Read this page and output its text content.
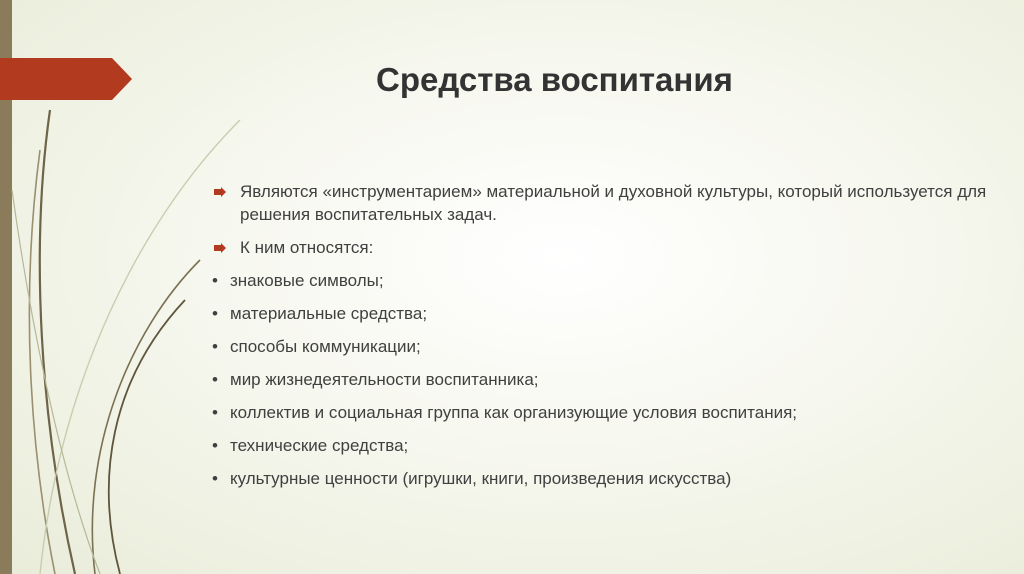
Средства воспитания
Являются «инструментарием» материальной и духовной культуры, который используется для решения воспитательных задач.
К ним относятся:
• знаковые символы;
• материальные средства;
• способы коммуникации;
• мир жизнедеятельности воспитанника;
• коллектив и социальная группа как организующие условия воспитания;
• технические средства;
• культурные ценности (игрушки, книги, произведения искусства)
